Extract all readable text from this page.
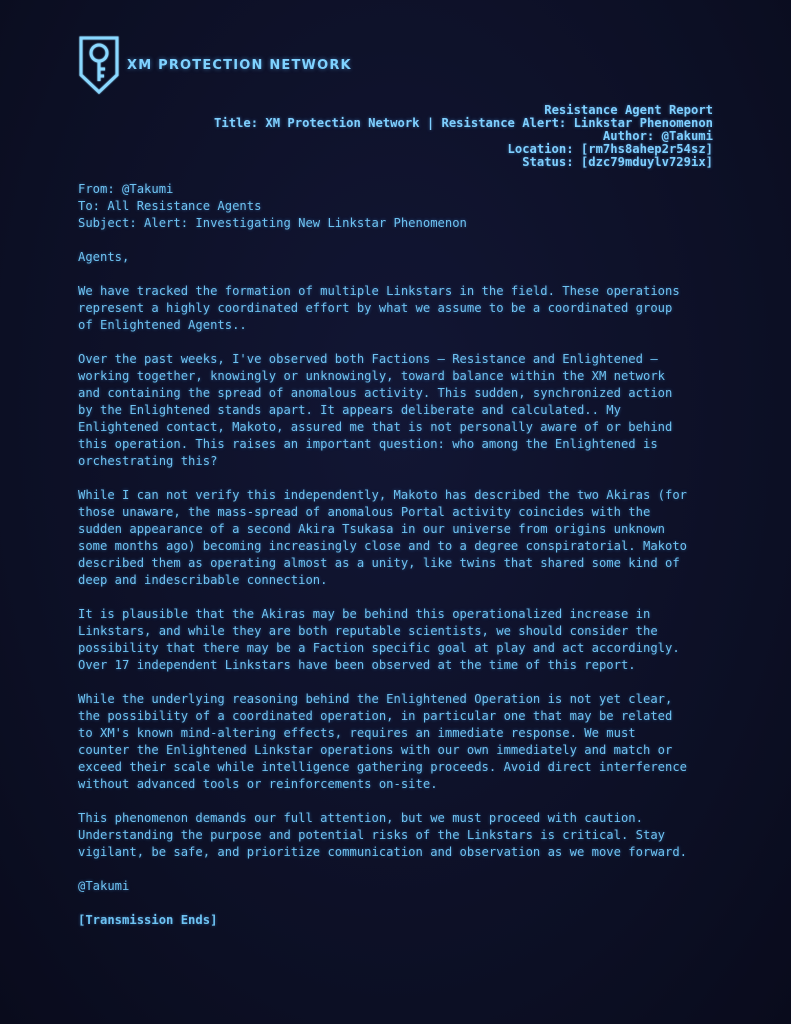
XM PROTECTION NETWORK
Resistance Agent Report
Title: XM Protection Network | Resistance Alert: Linkstar Phenomenon
Author: @Takumi
Location: [rm7hs8ahep2r54sz]
Status: [dzc79mduylv729ix]

From: @Takumi
To: All Resistance Agents
Subject: Alert: Investigating New Linkstar Phenomenon

Agents,

We have tracked the formation of multiple Linkstars in the field. These operations
represent a highly coordinated effort by what we assume to be a coordinated group
of Enlightened Agents..

Over the past weeks, I've observed both Factions – Resistance and Enlightened –
working together, knowingly or unknowingly, toward balance within the XM network
and containing the spread of anomalous activity. This sudden, synchronized action
by the Enlightened stands apart. It appears deliberate and calculated.. My
Enlightened contact, Makoto, assured me that is not personally aware of or behind
this operation. This raises an important question: who among the Enlightened is
orchestrating this?

While I can not verify this independently, Makoto has described the two Akiras (for
those unaware, the mass-spread of anomalous Portal activity coincides with the
sudden appearance of a second Akira Tsukasa in our universe from origins unknown
some months ago) becoming increasingly close and to a degree conspiratorial. Makoto
described them as operating almost as a unity, like twins that shared some kind of
deep and indescribable connection.

It is plausible that the Akiras may be behind this operationalized increase in
Linkstars, and while they are both reputable scientists, we should consider the
possibility that there may be a Faction specific goal at play and act accordingly.
Over 17 independent Linkstars have been observed at the time of this report.

While the underlying reasoning behind the Enlightened Operation is not yet clear,
the possibility of a coordinated operation, in particular one that may be related
to XM's known mind-altering effects, requires an immediate response. We must
counter the Enlightened Linkstar operations with our own immediately and match or
exceed their scale while intelligence gathering proceeds. Avoid direct interference
without advanced tools or reinforcements on-site.

This phenomenon demands our full attention, but we must proceed with caution.
Understanding the purpose and potential risks of the Linkstars is critical. Stay
vigilant, be safe, and prioritize communication and observation as we move forward.

@Takumi

[Transmission Ends]
